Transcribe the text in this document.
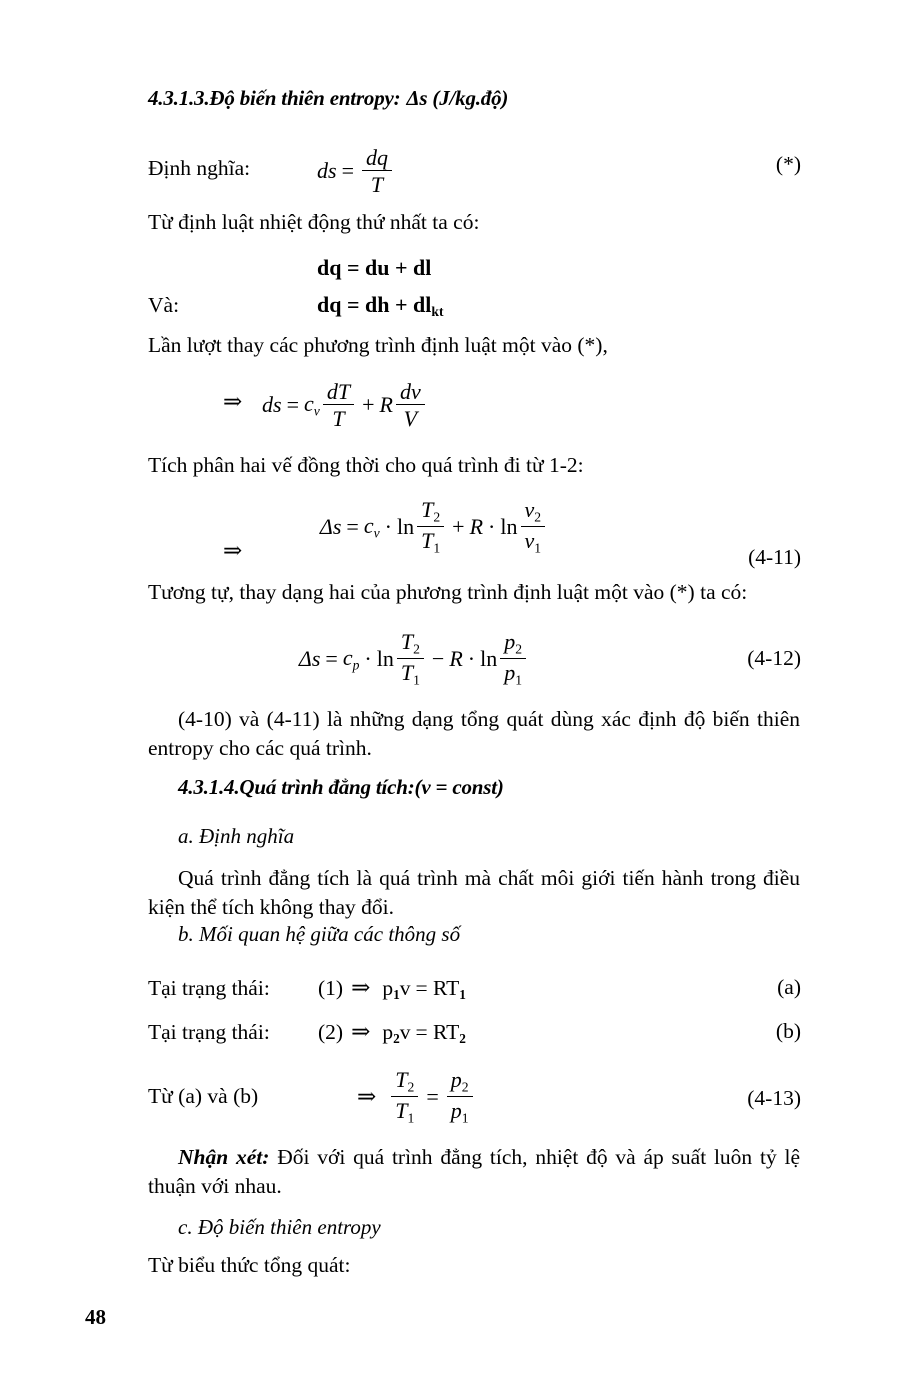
4.3.1.3.Độ biến thiên entropy: Δs (J/kg.độ)
Định nghĩa:	ds = $\frac{dq}{T}$	(*)
Từ định luật nhiệt động thứ nhất ta có:
dq = du + dl
Và:	dq = dh + $dl_{kt}$
Lần lượt thay các phương trình định luật một vào (*),
⇒ ds = $c_v \frac{dT}{T} + R \frac{dv}{V}$
Tích phân hai vế đồng thời cho quá trình đi từ 1-2:
$\Delta s = c_v \cdot \ln \frac{T_2}{T_1} + R \cdot \ln \frac{v_2}{v_1}$
⇒	(4-11)
Tương tự, thay dạng hai của phương trình định luật một vào (*) ta có:
$\Delta s = c_p \cdot \ln \frac{T_2}{T_1} - R \cdot \ln \frac{p_2}{p_1}$	(4-12)
(4-10) và (4-11) là những dạng tổng quát dùng xác định độ biến thiên entropy cho các quá trình.
4.3.1.4.Quá trình đẳng tích:(v = const)
a. Định nghĩa
Quá trình đẳng tích là quá trình mà chất môi giới tiến hành trong điều kiện thể tích không thay đổi.
b. Mối quan hệ giữa các thông số
Tại trạng thái: (1) ⇒ $p_1v = RT_1$	(a)
Tại trạng thái: (2) ⇒ $p_2v = RT_2$	(b)
Từ (a) và (b)	⇒ $\frac{T_2}{T_1} = \frac{p_2}{p_1}$	(4-13)
Nhận xét: Đối với quá trình đẳng tích, nhiệt độ và áp suất luôn tỷ lệ thuận với nhau.
c. Độ biến thiên entropy
Từ biểu thức tổng quát:
48
